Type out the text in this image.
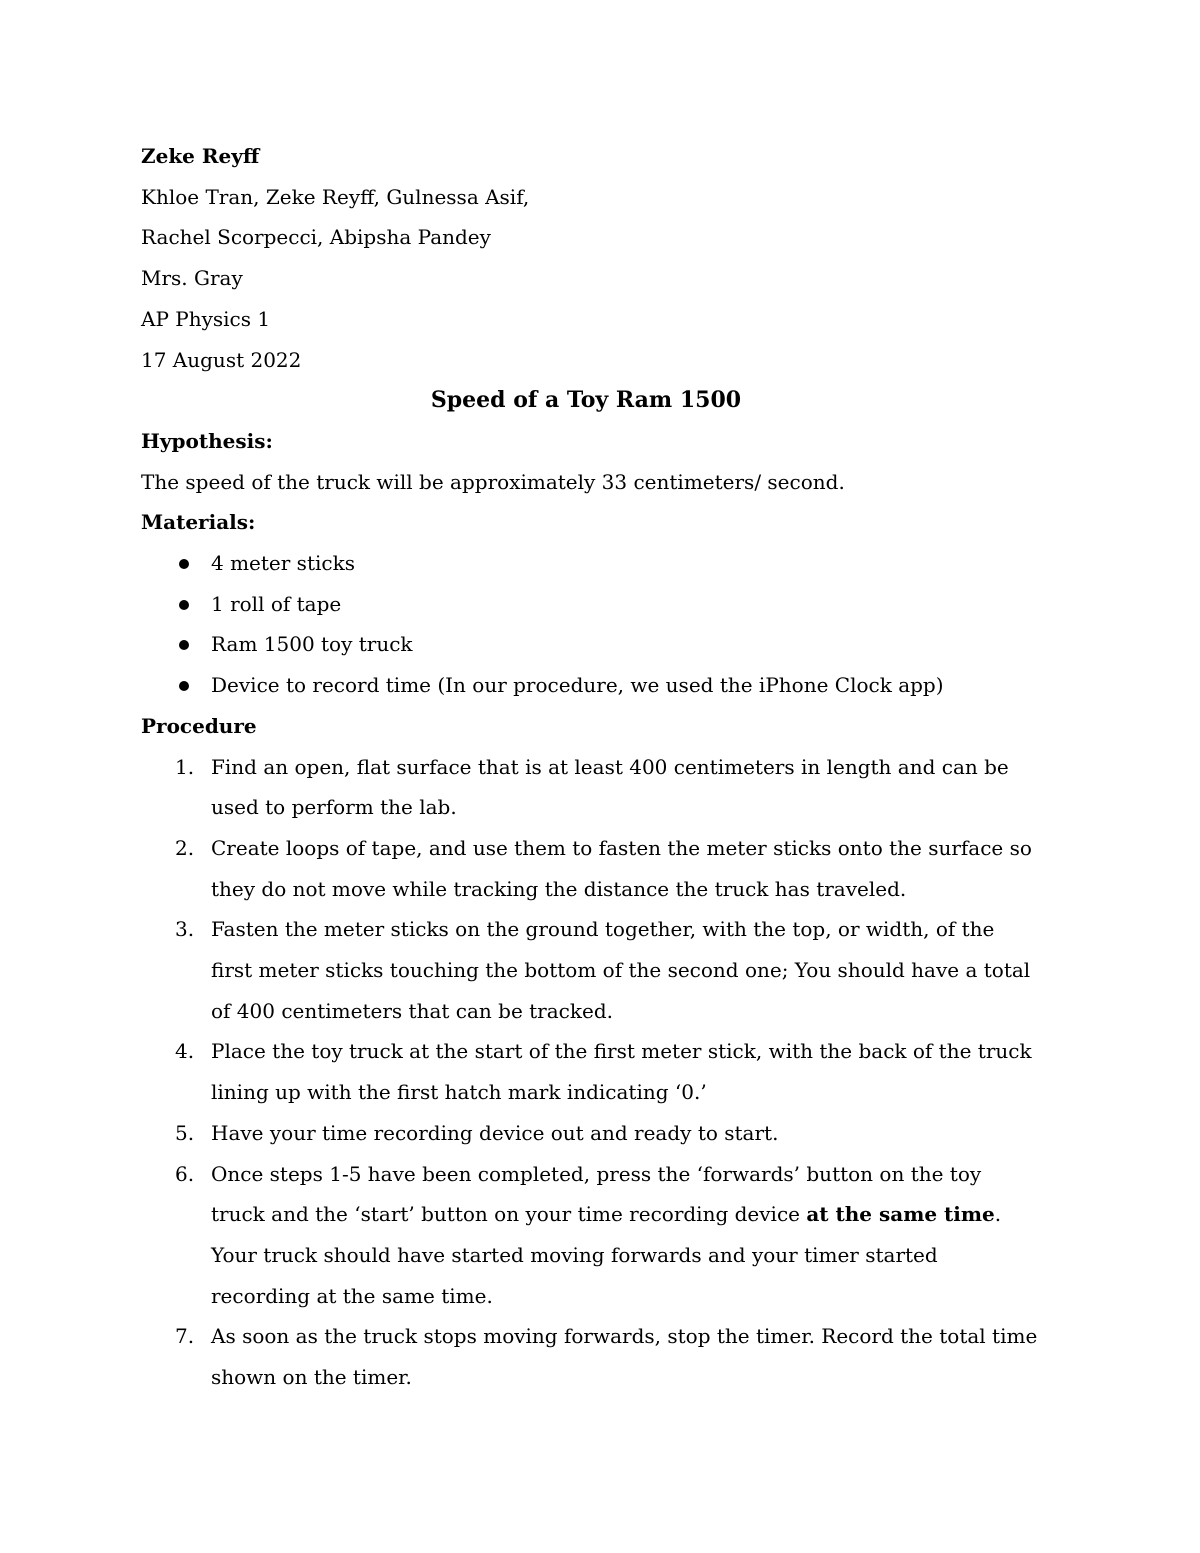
Zeke Reyff
Khloe Tran, Zeke Reyff, Gulnessa Asif,
Rachel Scorpecci, Abipsha Pandey
Mrs. Gray
AP Physics 1
17 August 2022
Speed of a Toy Ram 1500
Hypothesis:
The speed of the truck will be approximately 33 centimeters/ second.
Materials:
4 meter sticks
1 roll of tape
Ram 1500 toy truck
Device to record time (In our procedure, we used the iPhone Clock app)
Procedure
1. Find an open, flat surface that is at least 400 centimeters in length and can be used to perform the lab.
2. Create loops of tape, and use them to fasten the meter sticks onto the surface so they do not move while tracking the distance the truck has traveled.
3. Fasten the meter sticks on the ground together, with the top, or width, of the first meter sticks touching the bottom of the second one; You should have a total of 400 centimeters that can be tracked.
4. Place the toy truck at the start of the first meter stick, with the back of the truck lining up with the first hatch mark indicating ‘0.’
5. Have your time recording device out and ready to start.
6. Once steps 1-5 have been completed, press the ‘forwards’ button on the toy truck and the ‘start’ button on your time recording device at the same time. Your truck should have started moving forwards and your timer started recording at the same time.
7. As soon as the truck stops moving forwards, stop the timer. Record the total time shown on the timer.
